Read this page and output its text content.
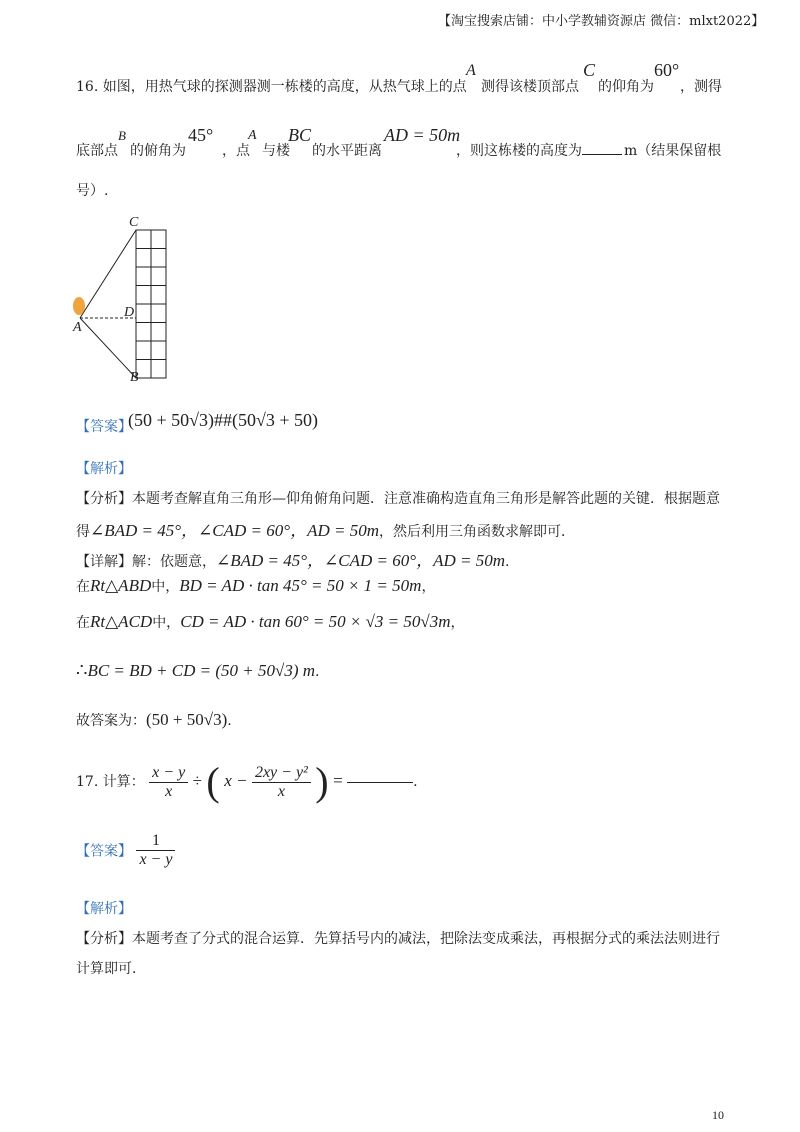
【淘宝搜索店铺：中小学教辅资源店 微信：mlxt2022】
16. 如图，用热气球的探测器测一栋楼的高度，从热气球上的点
A
测得该楼顶部点
C
的仰角为
60°
，测得
底部点
B
的俯角为
45°
，点
A
与楼
BC
的水平距离
AD = 50m
，则这栋楼的高度为	m（结果保留根
号）.
C
D
A
B
【答案】
(50 + 50√3)##(50√3 + 50)
【解析】
【分析】本题考查解直角三角形—仰角俯角问题．注意准确构造直角三角形是解答此题的关键．根据题意
得∠BAD = 45°，∠CAD = 60°，AD = 50m，然后利用三角函数求解即可．
【详解】解：依题意，∠BAD = 45°，∠CAD = 60°，AD = 50m.
在Rt△ABD中，BD = AD · tan 45° = 50 × 1 = 50m，
在Rt△ACD中，CD = AD · tan 60° = 50 × √3 = 50√3m，
∴BC = BD + CD = (50 + 50√3) m.
故答案为：(50 + 50√3).
17. 计算： $\frac{x - y}{x}$ ÷ ( $x - \frac{\text{2xy − y²}}{x}$ ) =	.
【答案】 $\frac{1}{x - y}$
【解析】
【分析】本题考查了分式的混合运算．先算括号内的减法，把除法变成乘法，再根据分式的乘法法则进行
计算即可．
10
